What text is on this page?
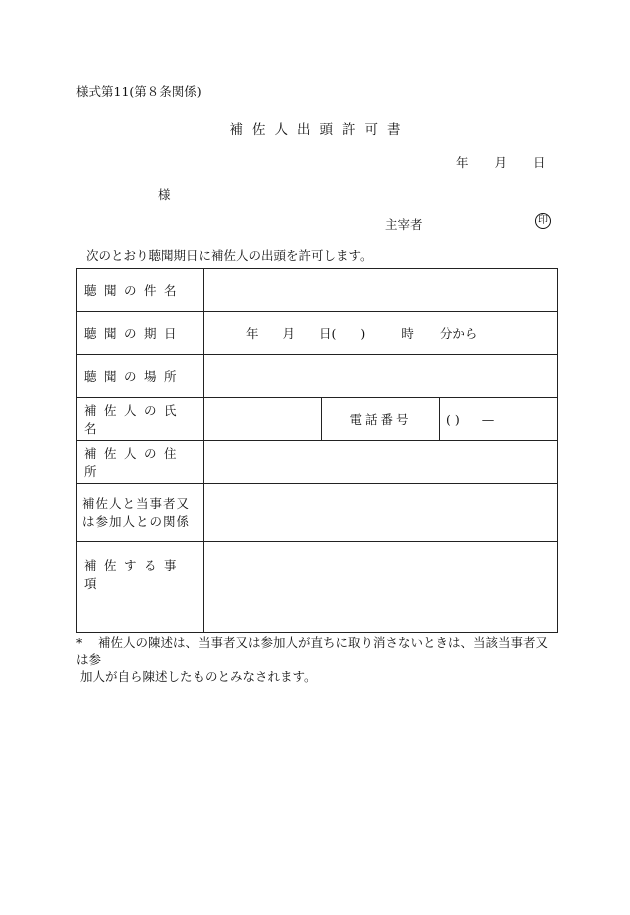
様式第11(第８条関係)
補佐人出頭許可書
年 月 日
様
主宰者	印
次のとおり聴聞期日に補佐人の出頭を許可します。
聴聞の件名			
聴聞の期日	年 月 日( ) 時 分から		
聴聞の場所			
補佐人の氏名		電話番号	( ) —
補佐人の住所			

補佐人と当事者又
は参加人との関係			

補佐する事項			
* 補佐人の陳述は、当事者又は参加人が直ちに取り消さないときは、当該当事者又は参
加人が自ら陳述したものとみなされます。
